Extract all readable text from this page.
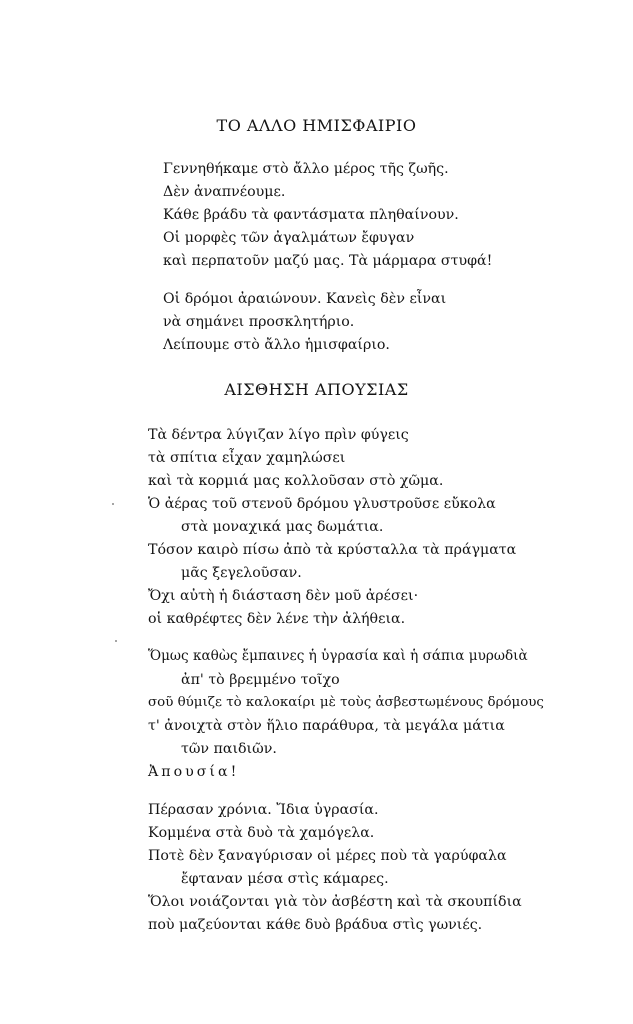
ΤΟ ΑΛΛΟ ΗΜΙΣΦΑΙΡΙΟ
Γεννηθήκαμε στὸ ἄλλο μέρος τῆς ζωῆς.
Δὲν ἀναπνέουμε.
Κάθε βράδυ τὰ φαντάσματα πληθαίνουν.
Οἱ μορφὲς τῶν ἀγαλμάτων ἔφυγαν
καὶ περπατοῦν μαζύ μας. Τὰ μάρμαρα στυφά!
Οἱ δρόμοι ἀραιώνουν. Κανεὶς δὲν εἶναι
νὰ σημάνει προσκλητήριο.
Λείπουμε στὸ ἄλλο ἡμισφαίριο.
ΑΙΣΘΗΣΗ ΑΠΟΥΣΙΑΣ
Τὰ δέντρα λύγιζαν λίγο πρὶν φύγεις
τὰ σπίτια εἶχαν χαμηλώσει
καὶ τὰ κορμιά μας κολλοῦσαν στὸ χῶμα.
Ὁ ἀέρας τοῦ στενοῦ δρόμου γλυστροῦσε εὔκολα
στὰ μοναχικά μας δωμάτια.
Τόσον καιρὸ πίσω ἀπὸ τὰ κρύσταλλα τὰ πράγματα
μᾶς ξεγελοῦσαν.
Ὄχι αὐτὴ ἡ διάσταση δὲν μοῦ ἀρέσει·
οἱ καθρέφτες δὲν λένε τὴν ἀλήθεια.
Ὅμως καθὼς ἔμπαινες ἡ ὑγρασία καὶ ἡ σάπια μυρωδιὰ
ἀπ' τὸ βρεμμένο τοῖχο
σοῦ θύμιζε τὸ καλοκαίρι μὲ τοὺς ἀσβεστωμένους δρόμους
τ' ἀνοιχτὰ στὸν ἥλιο παράθυρα, τὰ μεγάλα μάτια
τῶν παιδιῶν.
Ἀπουσία!
Πέρασαν χρόνια. Ἴδια ὑγρασία.
Κομμένα στὰ δυὸ τὰ χαμόγελα.
Ποτὲ δὲν ξαναγύρισαν οἱ μέρες ποὺ τὰ γαρύφαλα
ἔφταναν μέσα στὶς κάμαρες.
Ὅλοι νοιάζονται γιὰ τὸν ἀσβέστη καὶ τὰ σκουπίδια
ποὺ μαζεύονται κάθε δυὸ βράδυα στὶς γωνιές.
